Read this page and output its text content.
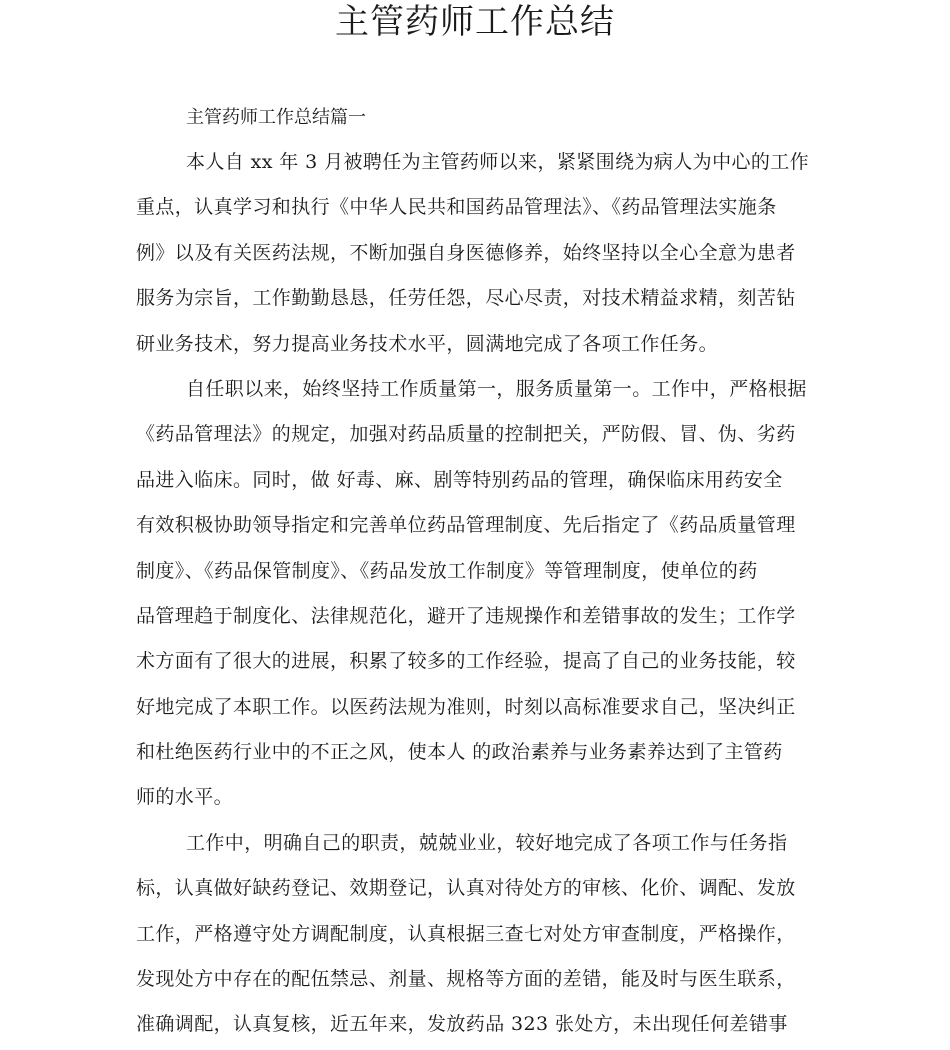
主管药师工作总结

主管药师工作总结篇一

本人自 xx 年 3 月被聘任为主管药师以来，紧紧围绕为病人为中心的工作
重点，认真学习和执行《中华人民共和国药品管理法》、《药品管理法实施条
例》以及有关医药法规，不断加强自身医德修养，始终坚持以全心全意为患者
服务为宗旨，工作勤勤恳恳，任劳任怨，尽心尽责，对技术精益求精，刻苦钻
研业务技术，努力提高业务技术水平，圆满地完成了各项工作任务。
自任职以来，始终坚持工作质量第一，服务质量第一。工作中，严格根据
《药品管理法》的规定，加强对药品质量的控制把关，严防假、冒、伪、劣药
品进入临床。同时，做 好毒、麻、剧等特别药品的管理，确保临床用药安全
有效积极协助领导指定和完善单位药品管理制度、先后指定了《药品质量管理
制度》、《药品保管制度》、《药品发放工作制度》等管理制度，使单位的药
品管理趋于制度化、法律规范化，避开了违规操作和差错事故的发生；工作学
术方面有了很大的进展，积累了较多的工作经验，提高了自己的业务技能，较
好地完成了本职工作。以医药法规为准则，时刻以高标准要求自己，坚决纠正
和杜绝医药行业中的不正之风，使本人 的政治素养与业务素养达到了主管药
师的水平。
工作中，明确自己的职责，兢兢业业，较好地完成了各项工作与任务指
标，认真做好缺药登记、效期登记，认真对待处方的审核、化价、调配、发放
工作，严格遵守处方调配制度，认真根据三查七对处方审查制度，严格操作，
发现处方中存在的配伍禁忌、剂量、规格等方面的差错，能及时与医生联系，
准确调配，认真复核，近五年来，发放药品 323 张处方，未出现任何差错事
